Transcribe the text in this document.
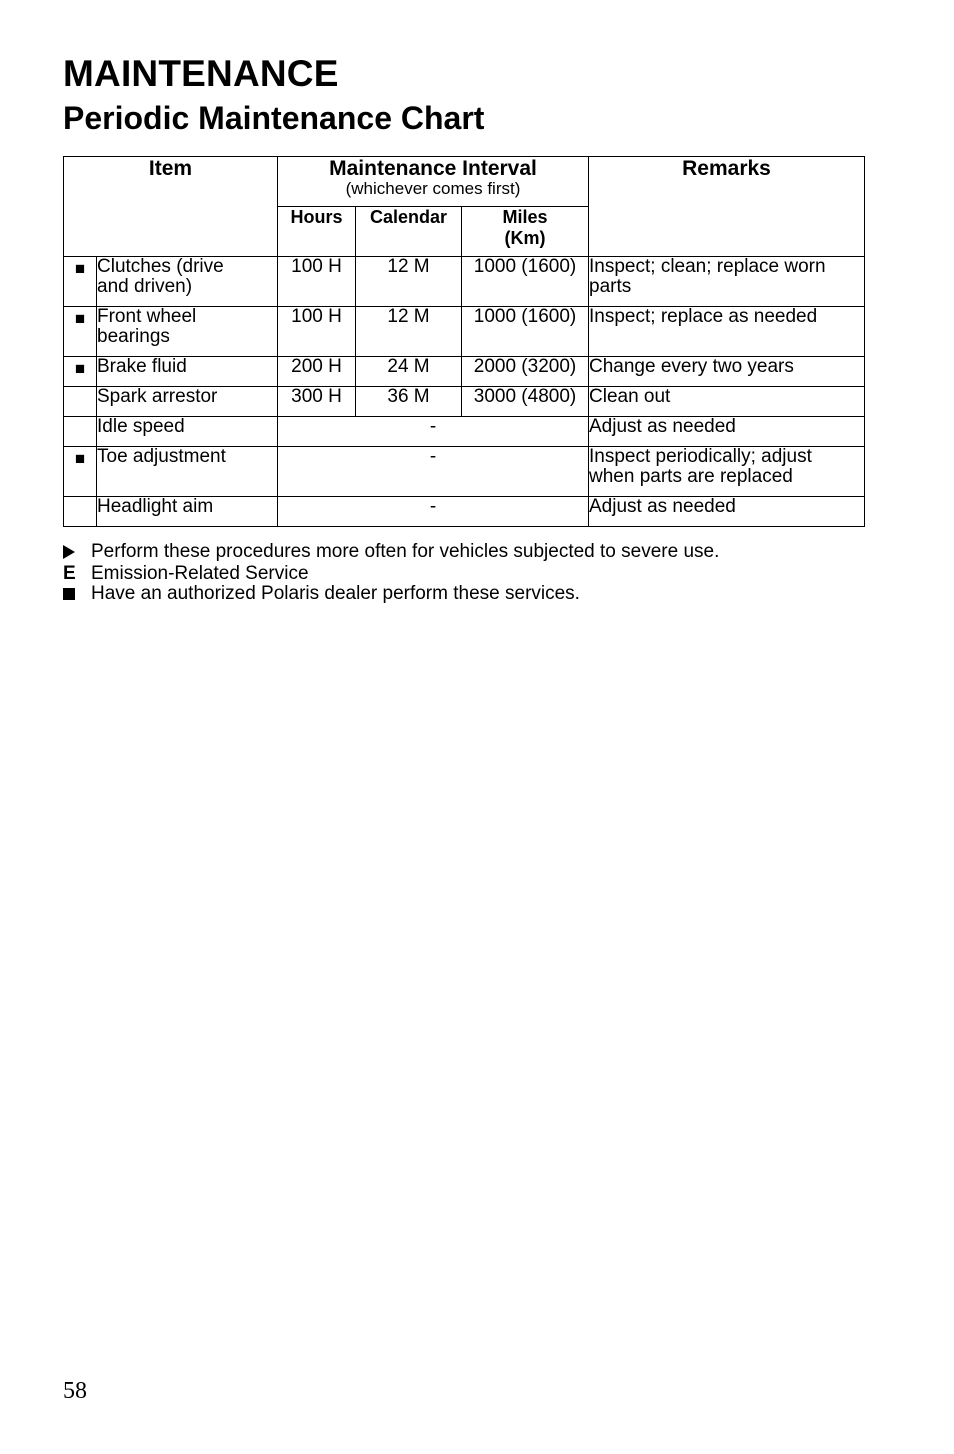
MAINTENANCE
Periodic Maintenance Chart
Item		Maintenance Interval
(whichever comes first)			Remarks

		Hours	Calendar	Miles
(Km)	
■	Clutches (drive
and driven)	100 H	12 M	1000 (1600)	Inspect; clean; replace worn
parts
■	Front wheel
bearings	100 H	12 M	1000 (1600)	Inspect; replace as needed
■	Brake fluid	200 H	24 M	2000 (3200)	Change every two years
	Spark arrestor	300 H	36 M	3000 (4800)	Clean out
	Idle speed	-			Adjust as needed
■	Toe adjustment	-			Inspect periodically; adjust
when parts are replaced
	Headlight aim	-			Adjust as needed
Perform these procedures more often for vehicles subjected to severe use.
E Emission-Related Service
Have an authorized Polaris dealer perform these services.
58
